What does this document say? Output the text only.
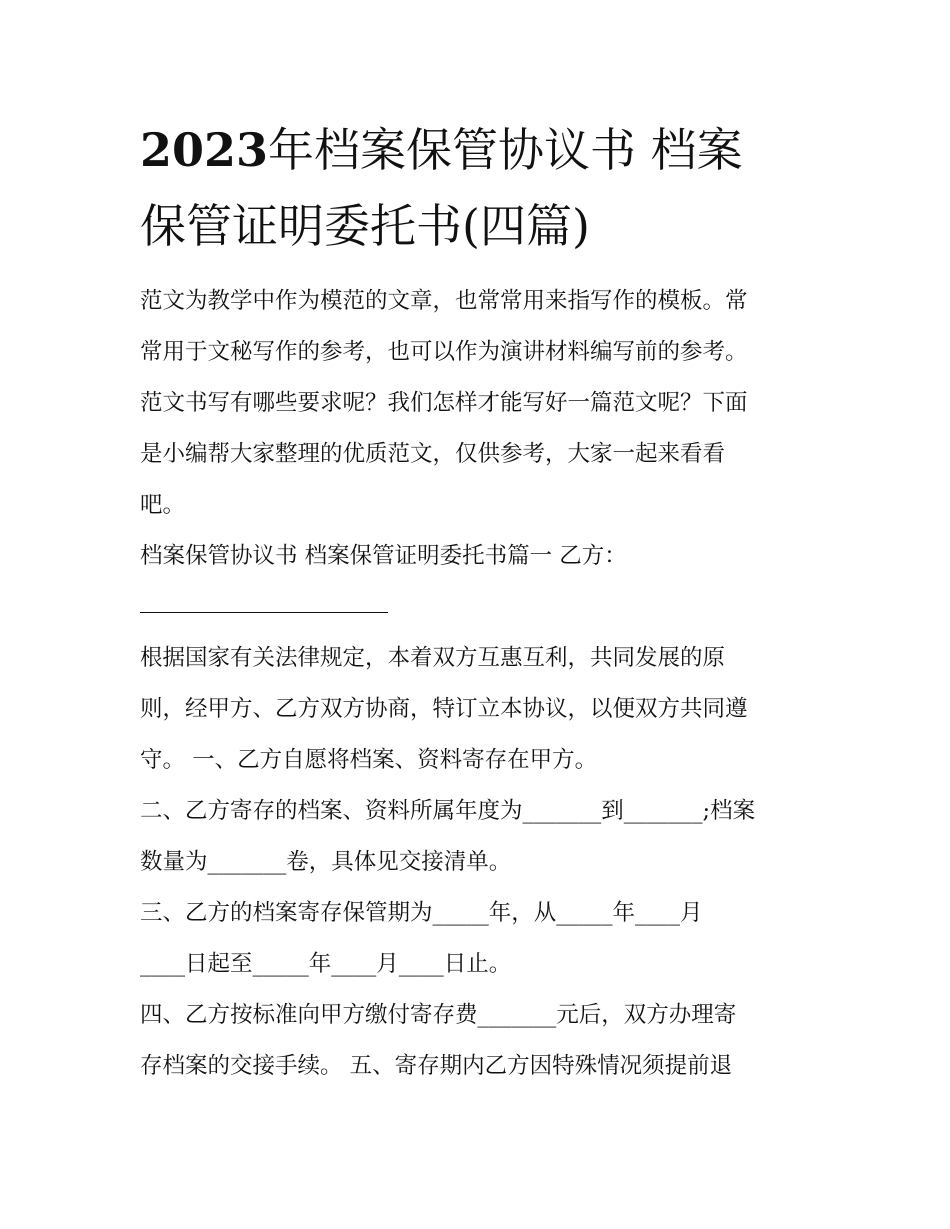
2023年档案保管协议书 档案
保管证明委托书(四篇)

范文为教学中作为模范的文章，也常常用来指写作的模板。常

常用于文秘写作的参考，也可以作为演讲材料编写前的参考。

范文书写有哪些要求呢？我们怎样才能写好一篇范文呢？下面

是小编帮大家整理的优质范文，仅供参考，大家一起来看看

吧。

档案保管协议书 档案保管证明委托书篇一 乙方：

根据国家有关法律规定，本着双方互惠互利，共同发展的原

则，经甲方、乙方双方协商，特订立本协议，以便双方共同遵

守。 一、乙方自愿将档案、资料寄存在甲方。

二、乙方寄存的档案、资料所属年度为_______到_______;档案

数量为_______卷，具体见交接清单。

三、乙方的档案寄存保管期为_____年，从_____年____月

____日起至_____年____月____日止。

四、乙方按标准向甲方缴付寄存费_______元后，双方办理寄

存档案的交接手续。 五、寄存期内乙方因特殊情况须提前退
